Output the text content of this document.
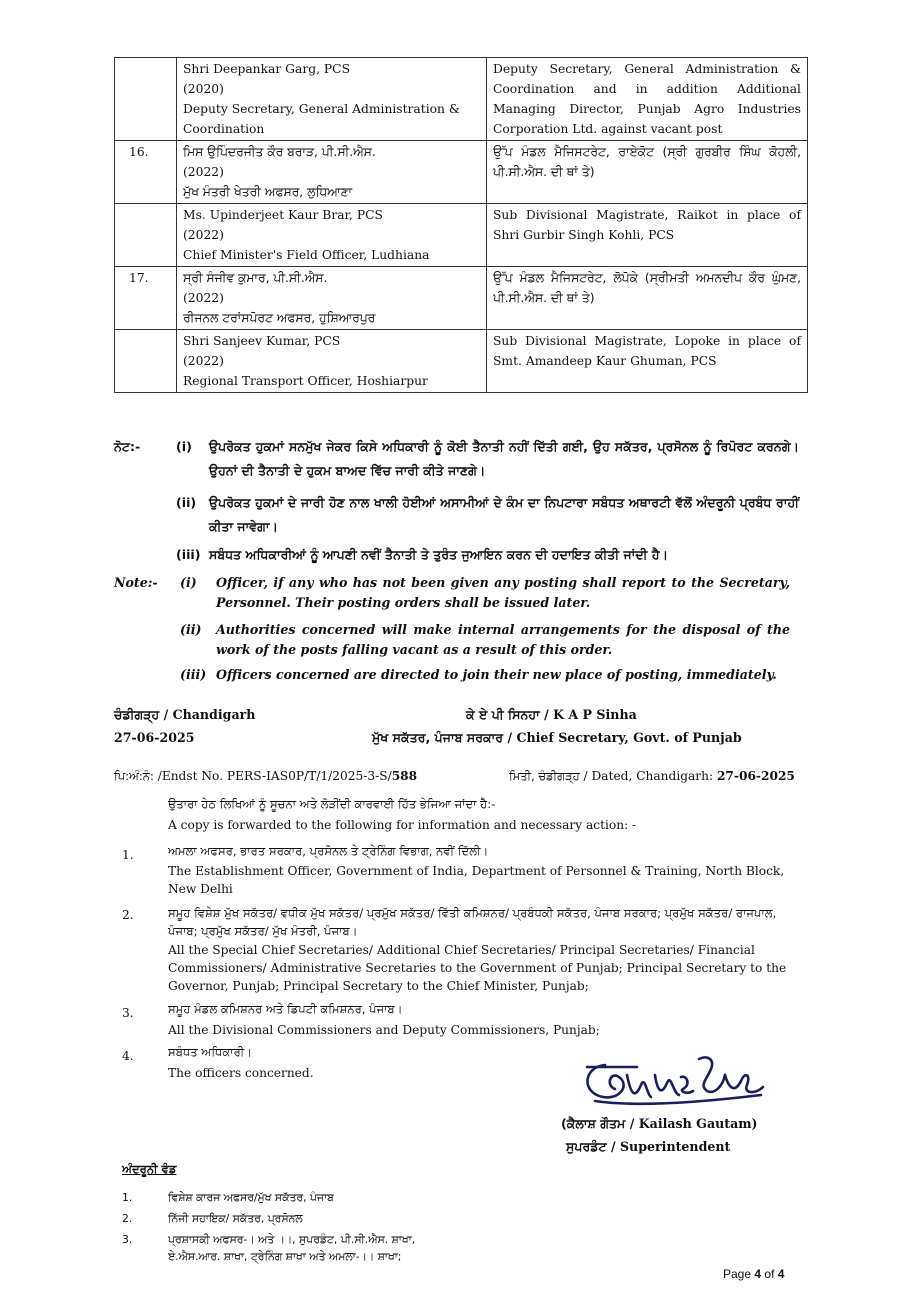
	Shri Deepankar Garg, PCS
(2020)
Deputy Secretary, General Administration & Coordination	Deputy Secretary, General Administration & Coordination and in addition Additional Managing Director, Punjab Agro Industries Corporation Ltd. against vacant post

16.	ਮਿਸ ਉਪਿੰਦਰਜੀਤ ਕੌਰ ਬਰਾੜ, ਪੀ.ਸੀ.ਐਸ.
(2022)
ਮੁੱਖ ਮੰਤਰੀ ਖੇਤਰੀ ਅਫਸਰ, ਲੁਧਿਆਣਾ	ਉੱਪ ਮੰਡਲ ਮੈਜਿਸਟਰੇਟ, ਰਾਏਕੋਟ (ਸ੍ਰੀ ਗੁਰਬੀਰ ਸਿੰਘ ਕੋਹਲੀ, ਪੀ.ਸੀ.ਐਸ. ਦੀ ਥਾਂ ਤੇ)

	Ms. Upinderjeet Kaur Brar, PCS
(2022)
Chief Minister's Field Officer, Ludhiana	Sub Divisional Magistrate, Raikot in place of Shri Gurbir Singh Kohli, PCS

17.	ਸ੍ਰੀ ਸੰਜੀਵ ਕੁਮਾਰ, ਪੀ.ਸੀ.ਐਸ.
(2022)
ਰੀਜਨਲ ਟਰਾਂਸਪੋਰਟ ਅਫਸਰ, ਹੁਸ਼ਿਆਰਪੁਰ	ਉੱਪ ਮੰਡਲ ਮੈਜਿਸਟਰੇਟ, ਲੋਪੋਕੇ (ਸ੍ਰੀਮਤੀ ਅਮਨਦੀਪ ਕੌਰ ਘੁੰਮਣ, ਪੀ.ਸੀ.ਐਸ. ਦੀ ਥਾਂ ਤੇ)

	Shri Sanjeev Kumar, PCS
(2022)
Regional Transport Officer, Hoshiarpur	Sub Divisional Magistrate, Lopoke in place of Smt. Amandeep Kaur Ghuman, PCS
ਨੋਟ:-	(i)	ਉਪਰੋਕਤ ਹੁਕਮਾਂ ਸਨਮੁੱਖ ਜੇਕਰ ਕਿਸੇ ਅਧਿਕਾਰੀ ਨੂੰ ਕੋਈ ਤੈਨਾਤੀ ਨਹੀਂ ਦਿੱਤੀ ਗਈ, ਉਹ ਸਕੱਤਰ, ਪ੍ਰਸੋਨਲ ਨੂੰ ਰਿਪੋਰਟ ਕਰਨਗੇ। ਉਹਨਾਂ ਦੀ ਤੈਨਾਤੀ ਦੇ ਹੁਕਮ ਬਾਅਦ ਵਿੱਚ ਜਾਰੀ ਕੀਤੇ ਜਾਣਗੇ।
(ii)	ਉਪਰੋਕਤ ਹੁਕਮਾਂ ਦੇ ਜਾਰੀ ਹੋਣ ਨਾਲ ਖਾਲੀ ਹੋਈਆਂ ਅਸਾਮੀਆਂ ਦੇ ਕੰਮ ਦਾ ਨਿਪਟਾਰਾ ਸਬੰਧਤ ਅਥਾਰਟੀ ਵੱਲੋਂ ਅੰਦਰੂਨੀ ਪ੍ਰਬੰਧ ਰਾਹੀਂ ਕੀਤਾ ਜਾਵੇਗਾ।
(iii) ਸਬੰਧਤ ਅਧਿਕਾਰੀਆਂ ਨੂੰ ਆਪਣੀ ਨਵੀਂ ਤੈਨਾਤੀ ਤੇ ਤੁਰੰਤ ਜੁਆਇਨ ਕਰਨ ਦੀ ਹਦਾਇਤ ਕੀਤੀ ਜਾਂਦੀ ਹੈ।
Note:- (i) Officer, if any who has not been given any posting shall report to the Secretary, Personnel. Their posting orders shall be issued later.
(ii) Authorities concerned will make internal arrangements for the disposal of the work of the posts falling vacant as a result of this order.
(iii) Officers concerned are directed to join their new place of posting, immediately.
ਚੰਡੀਗੜ੍ਹ / Chandigarh
27-06-2025
ਕੇ ਏ ਪੀ ਸਿਨਹਾ / K A P Sinha
ਮੁੱਖ ਸਕੱਤਰ, ਪੰਜਾਬ ਸਰਕਾਰ / Chief Secretary, Govt. of Punjab
ਪਿ:ਅੰ:ਨੰ: /Endst No. PERS-IAS0P/T/1/2025-3-S/588	ਮਿਤੀ, ਚੰਡੀਗੜ੍ਹ / Dated, Chandigarh: 27-06-2025
ਉਤਾਰਾ ਹੇਠ ਲਿਖਿਆਂ ਨੂੰ ਸੂਚਨਾ ਅਤੇ ਲੋੜੀਂਦੀ ਕਾਰਵਾਈ ਹਿੱਤ ਭੇਜਿਆ ਜਾਂਦਾ ਹੈ:-
A copy is forwarded to the following for information and necessary action: -
1.	ਅਮਲਾ ਅਫਸਰ, ਭਾਰਤ ਸਰਕਾਰ, ਪ੍ਰਸੋਨਲ ਤੇ ਟ੍ਰੇਨਿੰਗ ਵਿਭਾਗ, ਨਵੀਂ ਦਿੱਲੀ।
The Establishment Officer, Government of India, Department of Personnel & Training, North Block, New Delhi
2.	ਸਮੂਹ ਵਿਸ਼ੇਸ਼ ਮੁੱਖ ਸਕੱਤਰ/ ਵਧੀਕ ਮੁੱਖ ਸਕੱਤਰ/ ਪ੍ਰਮੁੱਖ ਸਕੱਤਰ/ ਵਿੱਤੀ ਕਮਿਸ਼ਨਰ/ ਪ੍ਰਬੰਧਕੀ ਸਕੱਤਰ, ਪੰਜਾਬ ਸਰਕਾਰ; ਪ੍ਰਮੁੱਖ ਸਕੱਤਰ/ ਰਾਜਪਾਲ, ਪੰਜਾਬ; ਪ੍ਰਮੁੱਖ ਸਕੱਤਰ/ ਮੁੱਖ ਮੰਤਰੀ, ਪੰਜਾਬ।
All the Special Chief Secretaries/ Additional Chief Secretaries/ Principal Secretaries/ Financial Commissioners/ Administrative Secretaries to the Government of Punjab; Principal Secretary to the Governor, Punjab; Principal Secretary to the Chief Minister, Punjab;
3.	ਸਮੂਹ ਮੰਡਲ ਕਮਿਸ਼ਨਰ ਅਤੇ ਡਿਪਟੀ ਕਮਿਸ਼ਨਰ, ਪੰਜਾਬ।
All the Divisional Commissioners and Deputy Commissioners, Punjab;
4.	ਸਬੰਧਤ ਅਧਿਕਾਰੀ।
The officers concerned.
(ਕੈਲਾਸ਼ ਗੌਤਮ / Kailash Gautam)
ਸੁਪਰਡੰਟ / Superintendent
ਅੰਦਰੂਨੀ ਵੰਡ
1.	ਵਿਸ਼ੇਸ਼ ਕਾਰਜ ਅਫਸਰ/ਮੁੱਖ ਸਕੱਤਰ, ਪੰਜਾਬ
2.	ਨਿੱਜੀ ਸਹਾਇਕ/ ਸਕੱਤਰ, ਪ੍ਰਸੋਨਲ
3.	ਪ੍ਰਸ਼ਾਸਕੀ ਅਫਸਰ-। ਅਤੇ ।।, ਸੁਪਰਡੰਟ, ਪੀ.ਸੀ.ਐਸ. ਸ਼ਾਖਾ,
ਏ.ਐਸ.ਆਰ. ਸ਼ਾਖਾ, ਟ੍ਰੇਨਿੰਗ ਸ਼ਾਖਾ ਅਤੇ ਅਮਲਾ-।। ਸ਼ਾਖਾ;
Page 4 of 4
